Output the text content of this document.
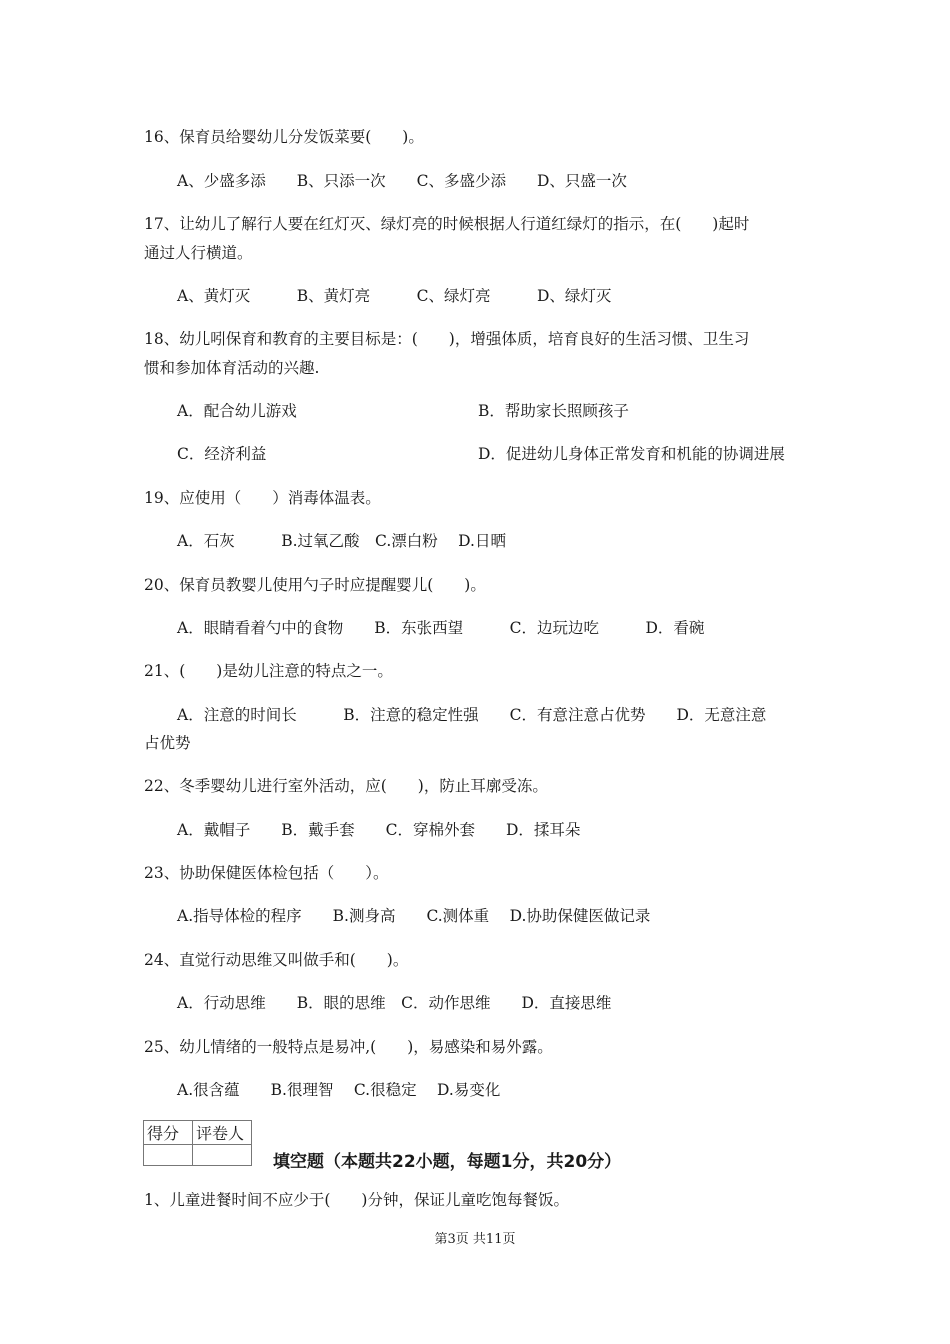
16、保育员给婴幼儿分发饭菜要(　　)。
A、少盛多添　　B、只添一次　　C、多盛少添　　D、只盛一次
17、让幼儿了解行人要在红灯灭、绿灯亮的时候根据人行道红绿灯的指示，在(　　)起时
通过人行横道。
A、黄灯灭　　　B、黄灯亮　　　C、绿灯亮　　　D、绿灯灭
18、幼儿吲保育和教育的主要目标是：(　　)，增强体质，培育良好的生活习惯、卫生习
惯和参加体育活动的兴趣.
A．配合幼儿游戏	B．帮助家长照顾孩子
C．经济利益	D．促进幼儿身体正常发育和机能的协调进展
19、应使用（　　）消毒体温表。
A．石灰　　　B.过氧乙酸　C.漂白粉　 D.日晒
20、保育员教婴儿使用勺子时应提醒婴儿(　　)。
A．眼睛看着勺中的食物　　B．东张西望　　　C．边玩边吃　　　D．看碗
21、(　　)是幼儿注意的特点之一。
A．注意的时间长　　　B．注意的稳定性强　　C．有意注意占优势　　D．无意注意
占优势
22、冬季婴幼儿进行室外活动，应(　　)，防止耳廓受冻。
A．戴帽子　　B．戴手套　　C．穿棉外套　　D．揉耳朵
23、协助保健医体检包括（　　）。
A.指导体检的程序　　B.测身高　　C.测体重　 D.协助保健医做记录
24、直觉行动思维又叫做手和(　　)。
A．行动思维　　B．眼的思维　C．动作思维　　D．直接思维
25、幼儿情绪的一般特点是易冲,(　　)，易感染和易外露。
A.很含蕴　　B.很理智　 C.很稳定　 D.易变化
得分	评卷人

填空题（本题共22小题，每题1分，共20分）
1、儿童进餐时间不应少于(　　)分钟，保证儿童吃饱每餐饭。
第3页 共11页
